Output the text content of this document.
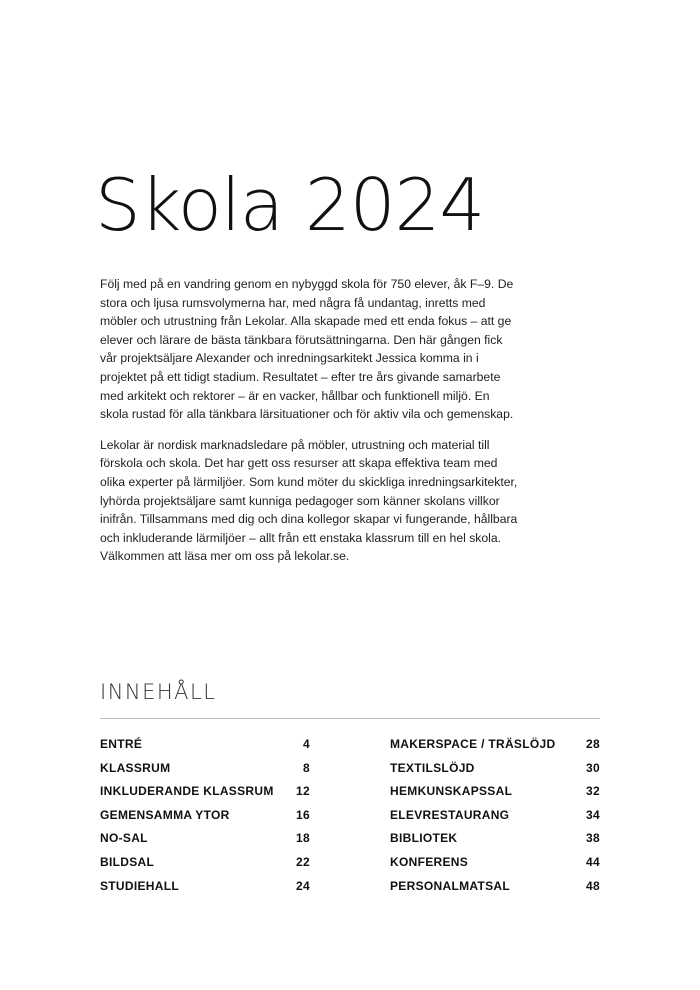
Skola 2024

Följ med på en vandring genom en nybyggd skola för 750 elever, åk F–9. De stora och ljusa rumsvolymerna har, med några få undantag, inretts med möbler och utrustning från Lekolar. Alla skapade med ett enda fokus – att ge elever och lärare de bästa tänkbara förutsättningarna. Den här gången fick vår projektsäljare Alexander och inredningsarkitekt Jessica komma in i projektet på ett tidigt stadium. Resultatet – efter tre års givande samarbete med arkitekt och rektorer – är en vacker, hållbar och funktionell miljö. En skola rustad för alla tänkbara lärsituationer och för aktiv vila och gemenskap.

Lekolar är nordisk marknadsledare på möbler, utrustning och material till förskola och skola. Det har gett oss resurser att skapa effektiva team med olika experter på lärmiljöer. Som kund möter du skickliga inredningsarkitekter, lyhörda projektsäljare samt kunniga pedagoger som känner skolans villkor inifrån. Tillsammans med dig och dina kollegor skapar vi fungerande, hållbara och inkluderande lärmiljöer – allt från ett enstaka klassrum till en hel skola. Välkommen att läsa mer om oss på lekolar.se.

INNEHÅLL
ENTRÉ	4
KLASSRUM	8
INKLUDERANDE KLASSRUM 12
GEMENSAMMA YTOR	16
NO-SAL	18
BILDSAL	22
STUDIEHALL	24
MAKERSPACE / TRÄSLÖJD	28
TEXTILSLÖJD	30
HEMKUNSKAPSSAL	32
ELEVRESTAURANG	34
BIBLIOTEK	38
KONFERENS	44
PERSONALMATSAL	48
